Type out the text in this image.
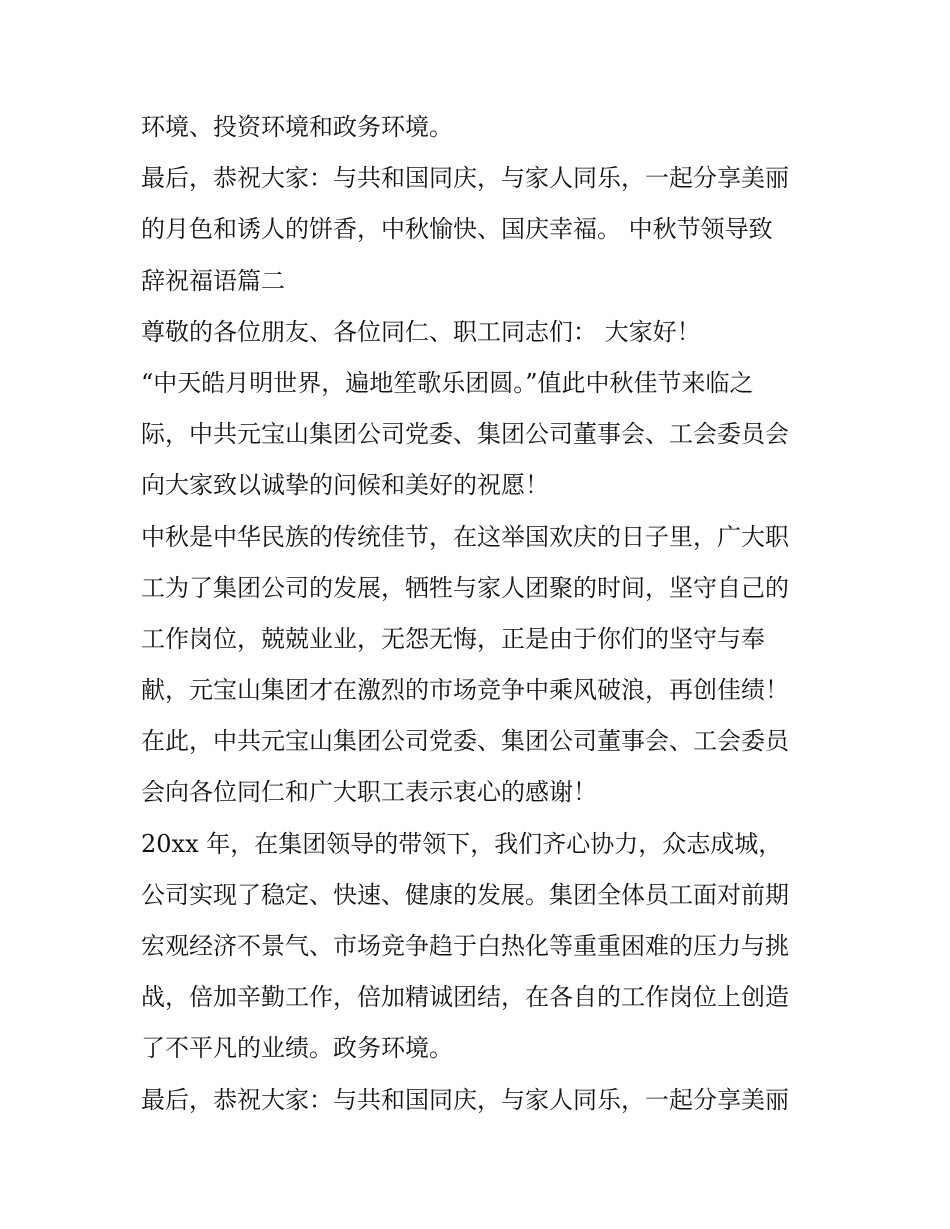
环境、投资环境和政务环境。
最后，恭祝大家：与共和国同庆，与家人同乐，一起分享美丽
的月色和诱人的饼香，中秋愉快、国庆幸福。 中秋节领导致
辞祝福语篇二
尊敬的各位朋友、各位同仁、职工同志们： 大家好！
“中天皓月明世界，遍地笙歌乐团圆。”值此中秋佳节来临之
际，中共元宝山集团公司党委、集团公司董事会、工会委员会
向大家致以诚挚的问候和美好的祝愿！
中秋是中华民族的传统佳节，在这举国欢庆的日子里，广大职
工为了集团公司的发展，牺牲与家人团聚的时间，坚守自己的
工作岗位，兢兢业业，无怨无悔，正是由于你们的坚守与奉
献，元宝山集团才在激烈的市场竞争中乘风破浪，再创佳绩！
在此，中共元宝山集团公司党委、集团公司董事会、工会委员
会向各位同仁和广大职工表示衷心的感谢！
20xx 年，在集团领导的带领下，我们齐心协力，众志成城，
公司实现了稳定、快速、健康的发展。集团全体员工面对前期
宏观经济不景气、市场竞争趋于白热化等重重困难的压力与挑
战，倍加辛勤工作，倍加精诚团结，在各自的工作岗位上创造
了不平凡的业绩。政务环境。
最后，恭祝大家：与共和国同庆，与家人同乐，一起分享美丽
